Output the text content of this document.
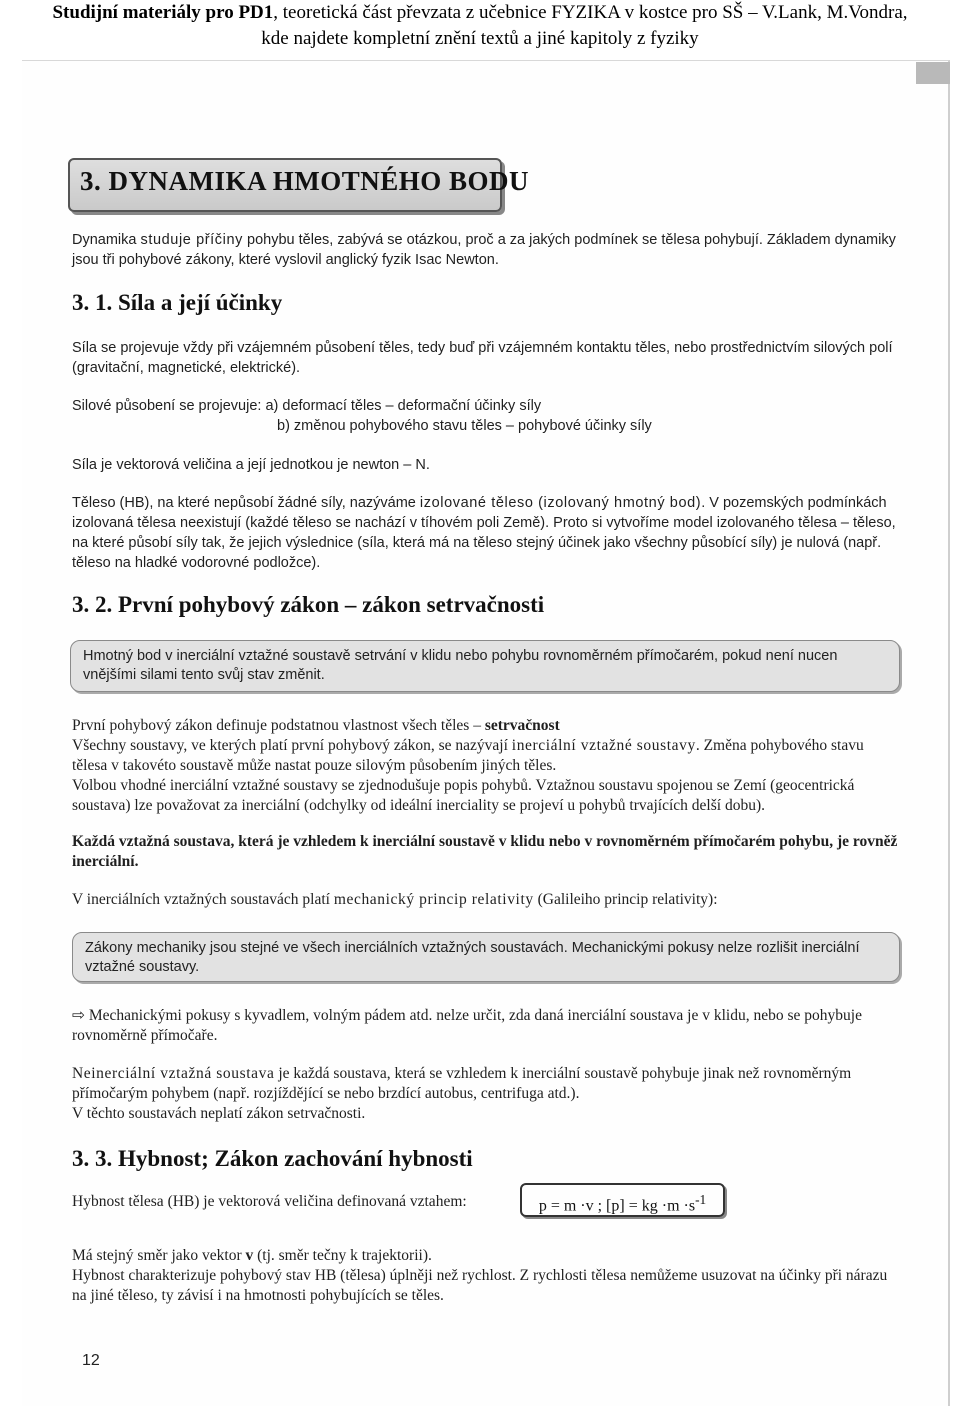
Studijní materiály pro PD1, teoretická část převzata z učebnice FYZIKA v kostce pro SŠ – V.Lank, M.Vondra,
kde najdete kompletní znění textů a jiné kapitoly z fyziky
3. DYNAMIKA HMOTNÉHO BODU
Dynamika studuje příčiny pohybu těles, zabývá se otázkou, proč a za jakých podmínek se tělesa pohybují. Základem dynamiky jsou tři pohybové zákony, které vyslovil anglický fyzik Isac Newton.
3. 1. Síla a její účinky
Síla se projevuje vždy při vzájemném působení těles, tedy buď při vzájemném kontaktu těles, nebo prostřednictvím silových polí (gravitační, magnetické, elektrické).
Silové působení se projevuje: a) deformací těles – deformační účinky síly
b) změnou pohybového stavu těles – pohybové účinky síly
Síla je vektorová veličina a její jednotkou je newton – N.
Těleso (HB), na které nepůsobí žádné síly, nazýváme izolované těleso (izolovaný hmotný bod). V pozemských podmínkách izolovaná tělesa neexistují (každé těleso se nachází v tíhovém poli Země). Proto si vytvoříme model izolovaného tělesa – těleso, na které působí síly tak, že jejich výslednice (síla, která má na těleso stejný účinek jako všechny působící síly) je nulová (např. těleso na hladké vodorovné podložce).
3. 2. První pohybový zákon – zákon setrvačnosti
Hmotný bod v inerciální vztažné soustavě setrvání v klidu nebo pohybu rovnoměrném přímočarém, pokud není nucen vnějšími silami tento svůj stav změnit.
První pohybový zákon definuje podstatnou vlastnost všech těles – setrvačnost
Všechny soustavy, ve kterých platí první pohybový zákon, se nazývají inerciální vztažné soustavy. Změna pohybového stavu tělesa v takovéto soustavě může nastat pouze silovým působením jiných těles.
Volbou vhodné inerciální vztažné soustavy se zjednodušuje popis pohybů. Vztažnou soustavu spojenou se Zemí (geocentrická soustava) lze považovat za inerciální (odchylky od ideální inerciality se projeví u pohybů trvajících delší dobu).
Každá vztažná soustava, která je vzhledem k inerciální soustavě v klidu nebo v rovnoměrném přímočarém pohybu, je rovněž inerciální.
V inerciálních vztažných soustavách platí mechanický princip relativity (Galileiho princip relativity):
Zákony mechaniky jsou stejné ve všech inerciálních vztažných soustavách. Mechanickými pokusy nelze rozlišit inerciální vztažné soustavy.
⇨ Mechanickými pokusy s kyvadlem, volným pádem atd. nelze určit, zda daná inerciální soustava je v klidu, nebo se pohybuje rovnoměrně přímočaře.
Neinerciální vztažná soustava je každá soustava, která se vzhledem k inerciální soustavě pohybuje jinak než rovnoměrným přímočarým pohybem (např. rozjíždějící se nebo brzdící autobus, centrifuga atd.).
V těchto soustavách neplatí zákon setrvačnosti.
3. 3. Hybnost; Zákon zachování hybnosti
Hybnost tělesa (HB) je vektorová veličina definovaná vztahem:	p = m ·v ; [p] = kg $\cdot m \cdot s^{-1}$
Má stejný směr jako vektor v (tj. směr tečny k trajektorii).
Hybnost charakterizuje pohybový stav HB (tělesa) úplněji než rychlost. Z rychlosti tělesa nemůžeme usuzovat na účinky při nárazu na jiné těleso, ty závisí i na hmotnosti pohybujících se těles.
12
